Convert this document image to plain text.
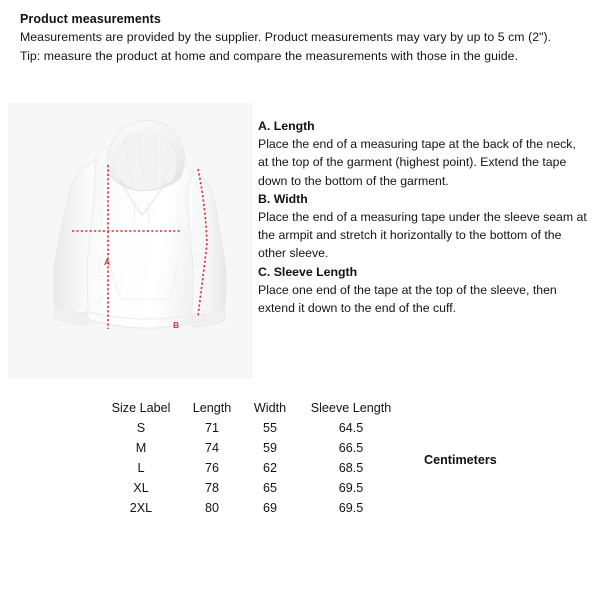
Product measurements
Measurements are provided by the supplier. Product measurements may vary by up to 5 cm (2").
Tip: measure the product at home and compare the measurements with those in the guide.
A
B
A. Length
Place the end of a measuring tape at the back of the neck, at the top of the garment (highest point). Extend the tape down to the bottom of the garment.
B. Width
Place the end of a measuring tape under the sleeve seam at the armpit and stretch it horizontally to the bottom of the other sleeve.
C. Sleeve Length
Place one end of the tape at the top of the sleeve, then extend it down to the end of the cuff.
Size Label	Length	Width	Sleeve Length
S	71	55	64.5
M	74	59	66.5
L	76	62	68.5
XL	78	65	69.5
2XL	80	69	69.5
Centimeters
